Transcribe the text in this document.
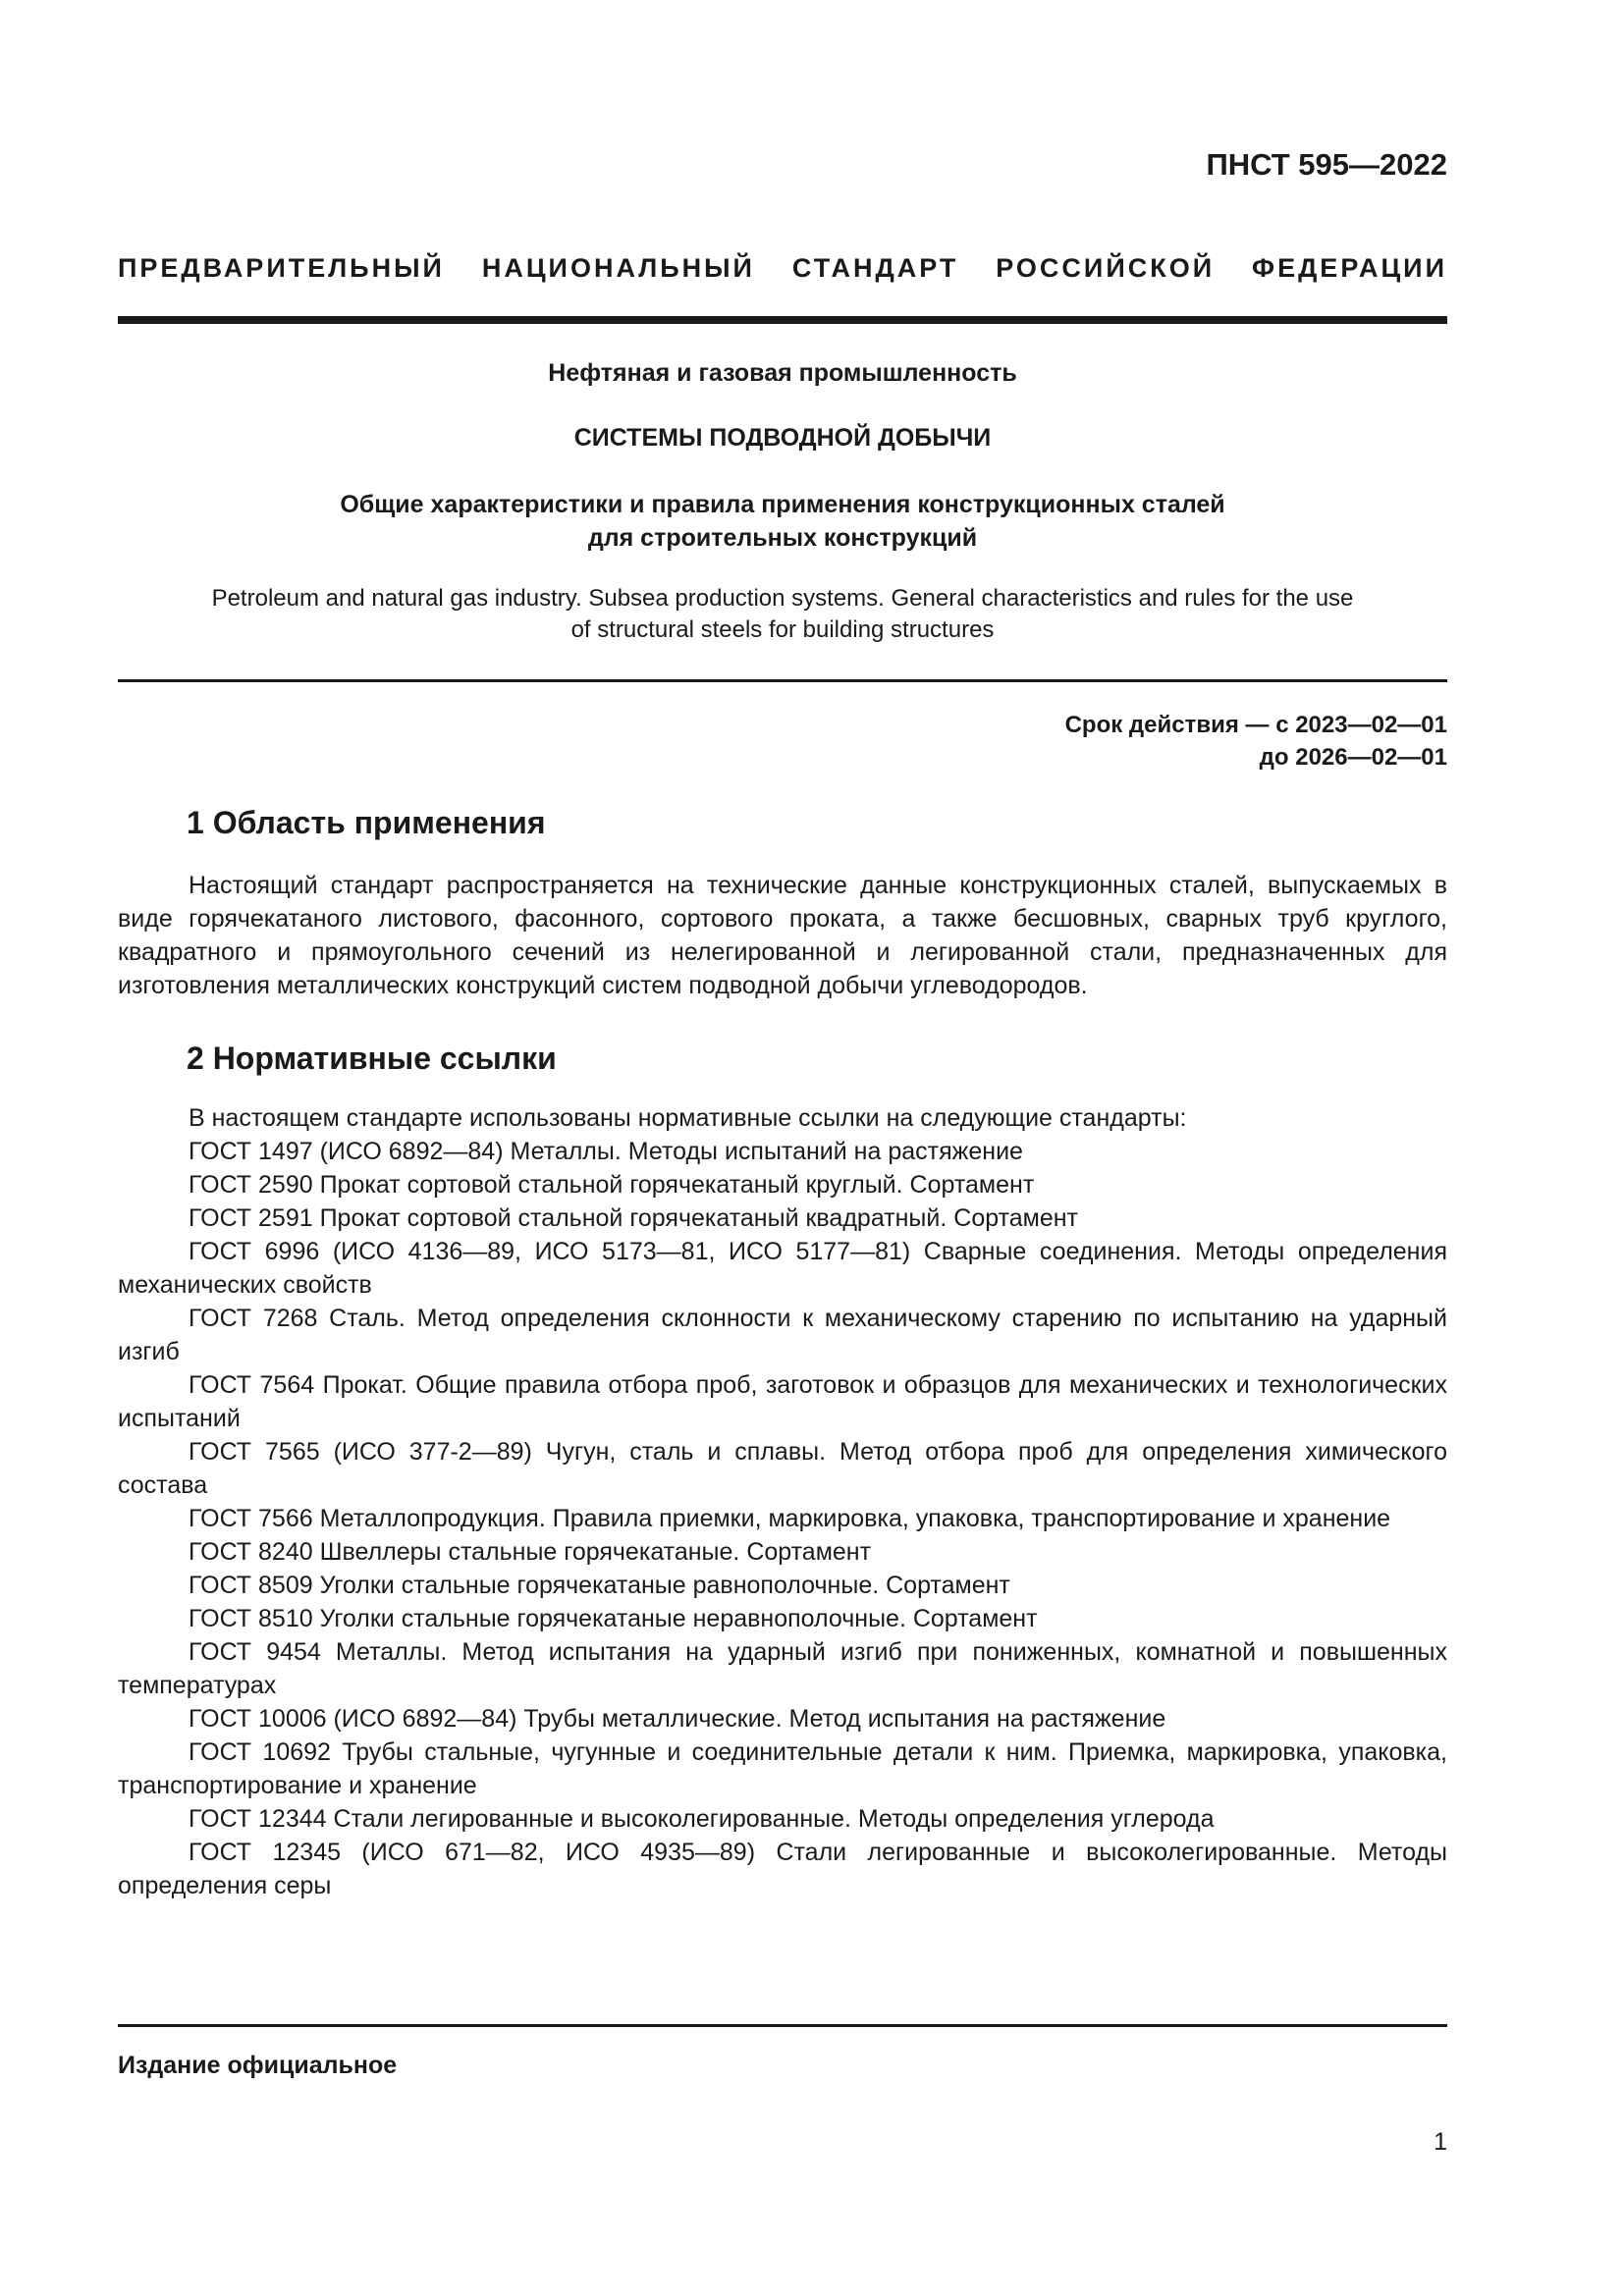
ПНСТ 595—2022
ПРЕДВАРИТЕЛЬНЫЙ НАЦИОНАЛЬНЫЙ СТАНДАРТ РОССИЙСКОЙ ФЕДЕРАЦИИ
Нефтяная и газовая промышленность
СИСТЕМЫ ПОДВОДНОЙ ДОБЫЧИ
Общие характеристики и правила применения конструкционных сталей
для строительных конструкций
Petroleum and natural gas industry. Subsea production systems. General characteristics and rules for the use
of structural steels for building structures
Срок действия — с 2023—02—01
до 2026—02—01
1 Область применения

Настоящий стандарт распространяется на технические данные конструкционных сталей, выпускаемых в виде горячекатаного листового, фасонного, сортового проката, а также бесшовных, сварных труб круглого, квадратного и прямоугольного сечений из нелегированной и легированной стали, предназначенных для изготовления металлических конструкций систем подводной добычи углеводородов.

2 Нормативные ссылки

В настоящем стандарте использованы нормативные ссылки на следующие стандарты:

ГОСТ 1497 (ИСО 6892—84) Металлы. Методы испытаний на растяжение

ГОСТ 2590 Прокат сортовой стальной горячекатаный круглый. Сортамент

ГОСТ 2591 Прокат сортовой стальной горячекатаный квадратный. Сортамент

ГОСТ 6996 (ИСО 4136—89, ИСО 5173—81, ИСО 5177—81) Сварные соединения. Методы определения механических свойств

ГОСТ 7268 Сталь. Метод определения склонности к механическому старению по испытанию на ударный изгиб

ГОСТ 7564 Прокат. Общие правила отбора проб, заготовок и образцов для механических и технологических испытаний

ГОСТ 7565 (ИСО 377-2—89) Чугун, сталь и сплавы. Метод отбора проб для определения химического состава

ГОСТ 7566 Металлопродукция. Правила приемки, маркировка, упаковка, транспортирование и хранение

ГОСТ 8240 Швеллеры стальные горячекатаные. Сортамент

ГОСТ 8509 Уголки стальные горячекатаные равнополочные. Сортамент

ГОСТ 8510 Уголки стальные горячекатаные неравнополочные. Сортамент

ГОСТ 9454 Металлы. Метод испытания на ударный изгиб при пониженных, комнатной и повышенных температурах

ГОСТ 10006 (ИСО 6892—84) Трубы металлические. Метод испытания на растяжение

ГОСТ 10692 Трубы стальные, чугунные и соединительные детали к ним. Приемка, маркировка, упаковка, транспортирование и хранение

ГОСТ 12344 Стали легированные и высоколегированные. Методы определения углерода

ГОСТ 12345 (ИСО 671—82, ИСО 4935—89) Стали легированные и высоколегированные. Методы определения серы

Издание официальное
1
